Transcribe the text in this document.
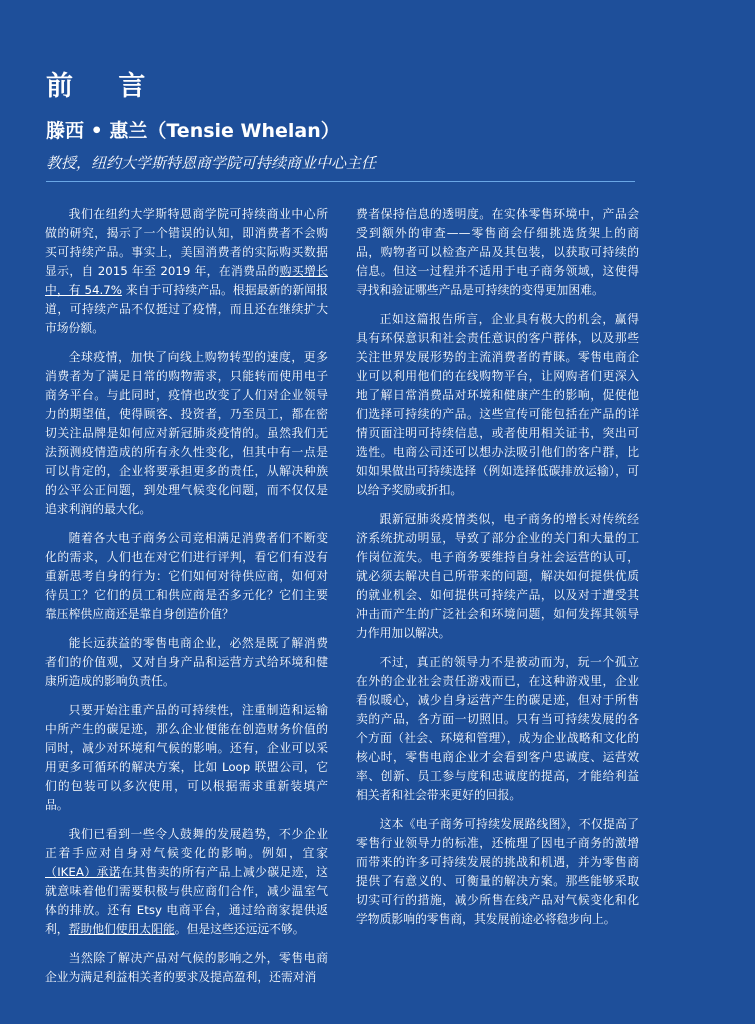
前 言
滕西 • 惠兰（Tensie Whelan）
教授，纽约大学斯特恩商学院可持续商业中心主任

我们在纽约大学斯特恩商学院可持续商业中心所做的研究，揭示了一个错误的认知，即消费者不会购买可持续产品。事实上，美国消费者的实际购买数据显示，自 2015 年至 2019 年，在消费品的购买增长中，有 54.7% 来自于可持续产品。根据最新的新闻报道，可持续产品不仅挺过了疫情，而且还在继续扩大市场份额。

全球疫情，加快了向线上购物转型的速度，更多消费者为了满足日常的购物需求，只能转而使用电子商务平台。与此同时，疫情也改变了人们对企业领导力的期望值，使得顾客、投资者，乃至员工，都在密切关注品牌是如何应对新冠肺炎疫情的。虽然我们无法预测疫情造成的所有永久性变化，但其中有一点是可以肯定的，企业将要承担更多的责任，从解决种族的公平公正问题，到处理气候变化问题，而不仅仅是追求利润的最大化。

随着各大电子商务公司竞相满足消费者们不断变化的需求，人们也在对它们进行评判，看它们有没有重新思考自身的行为：它们如何对待供应商，如何对待员工？它们的员工和供应商是否多元化？它们主要靠压榨供应商还是靠自身创造价值？

能长远获益的零售电商企业，必然是既了解消费者们的价值观，又对自身产品和运营方式给环境和健康所造成的影响负责任。

只要开始注重产品的可持续性，注重制造和运输中所产生的碳足迹，那么企业便能在创造财务价值的同时，减少对环境和气候的影响。还有，企业可以采用更多可循环的解决方案，比如 Loop 联盟公司，它们的包装可以多次使用，可以根据需求重新装填产品。

我们已看到一些令人鼓舞的发展趋势，不少企业正着手应对自身对气候变化的影响。例如，宜家（IKEA）承诺在其售卖的所有产品上减少碳足迹，这就意味着他们需要积极与供应商们合作，减少温室气体的排放。还有 Etsy 电商平台，通过给商家提供返利，帮助他们使用太阳能。但是这些还远远不够。

当然除了解决产品对气候的影响之外，零售电商企业为满足利益相关者的要求及提高盈利，还需对消

费者保持信息的透明度。在实体零售环境中，产品会受到额外的审查——零售商会仔细挑选货架上的商品，购物者可以检查产品及其包装，以获取可持续的信息。但这一过程并不适用于电子商务领域，这使得寻找和验证哪些产品是可持续的变得更加困难。

正如这篇报告所言，企业具有极大的机会，赢得具有环保意识和社会责任意识的客户群体，以及那些关注世界发展形势的主流消费者的青睐。零售电商企业可以利用他们的在线购物平台，让网购者们更深入地了解日常消费品对环境和健康产生的影响，促使他们选择可持续的产品。这些宣传可能包括在产品的详情页面注明可持续信息，或者使用相关证书，突出可选性。电商公司还可以想办法吸引他们的客户群，比如如果做出可持续选择（例如选择低碳排放运输），可以给予奖励或折扣。

跟新冠肺炎疫情类似，电子商务的增长对传统经济系统扰动明显，导致了部分企业的关门和大量的工作岗位流失。电子商务要维持自身社会运营的认可，就必须去解决自己所带来的问题，解决如何提供优质的就业机会、如何提供可持续产品，以及对于遭受其冲击而产生的广泛社会和环境问题，如何发挥其领导力作用加以解决。

不过，真正的领导力不是被动而为，玩一个孤立在外的企业社会责任游戏而已，在这种游戏里，企业看似暖心，减少自身运营产生的碳足迹，但对于所售卖的产品，各方面一切照旧。只有当可持续发展的各个方面（社会、环境和管理），成为企业战略和文化的核心时，零售电商企业才会看到客户忠诚度、运营效率、创新、员工参与度和忠诚度的提高，才能给利益相关者和社会带来更好的回报。

这本《电子商务可持续发展路线图》，不仅提高了零售行业领导力的标准，还梳理了因电子商务的激增而带来的许多可持续发展的挑战和机遇，并为零售商提供了有意义的、可衡量的解决方案。那些能够采取切实可行的措施，减少所售在线产品对气候变化和化学物质影响的零售商，其发展前途必将稳步向上。
